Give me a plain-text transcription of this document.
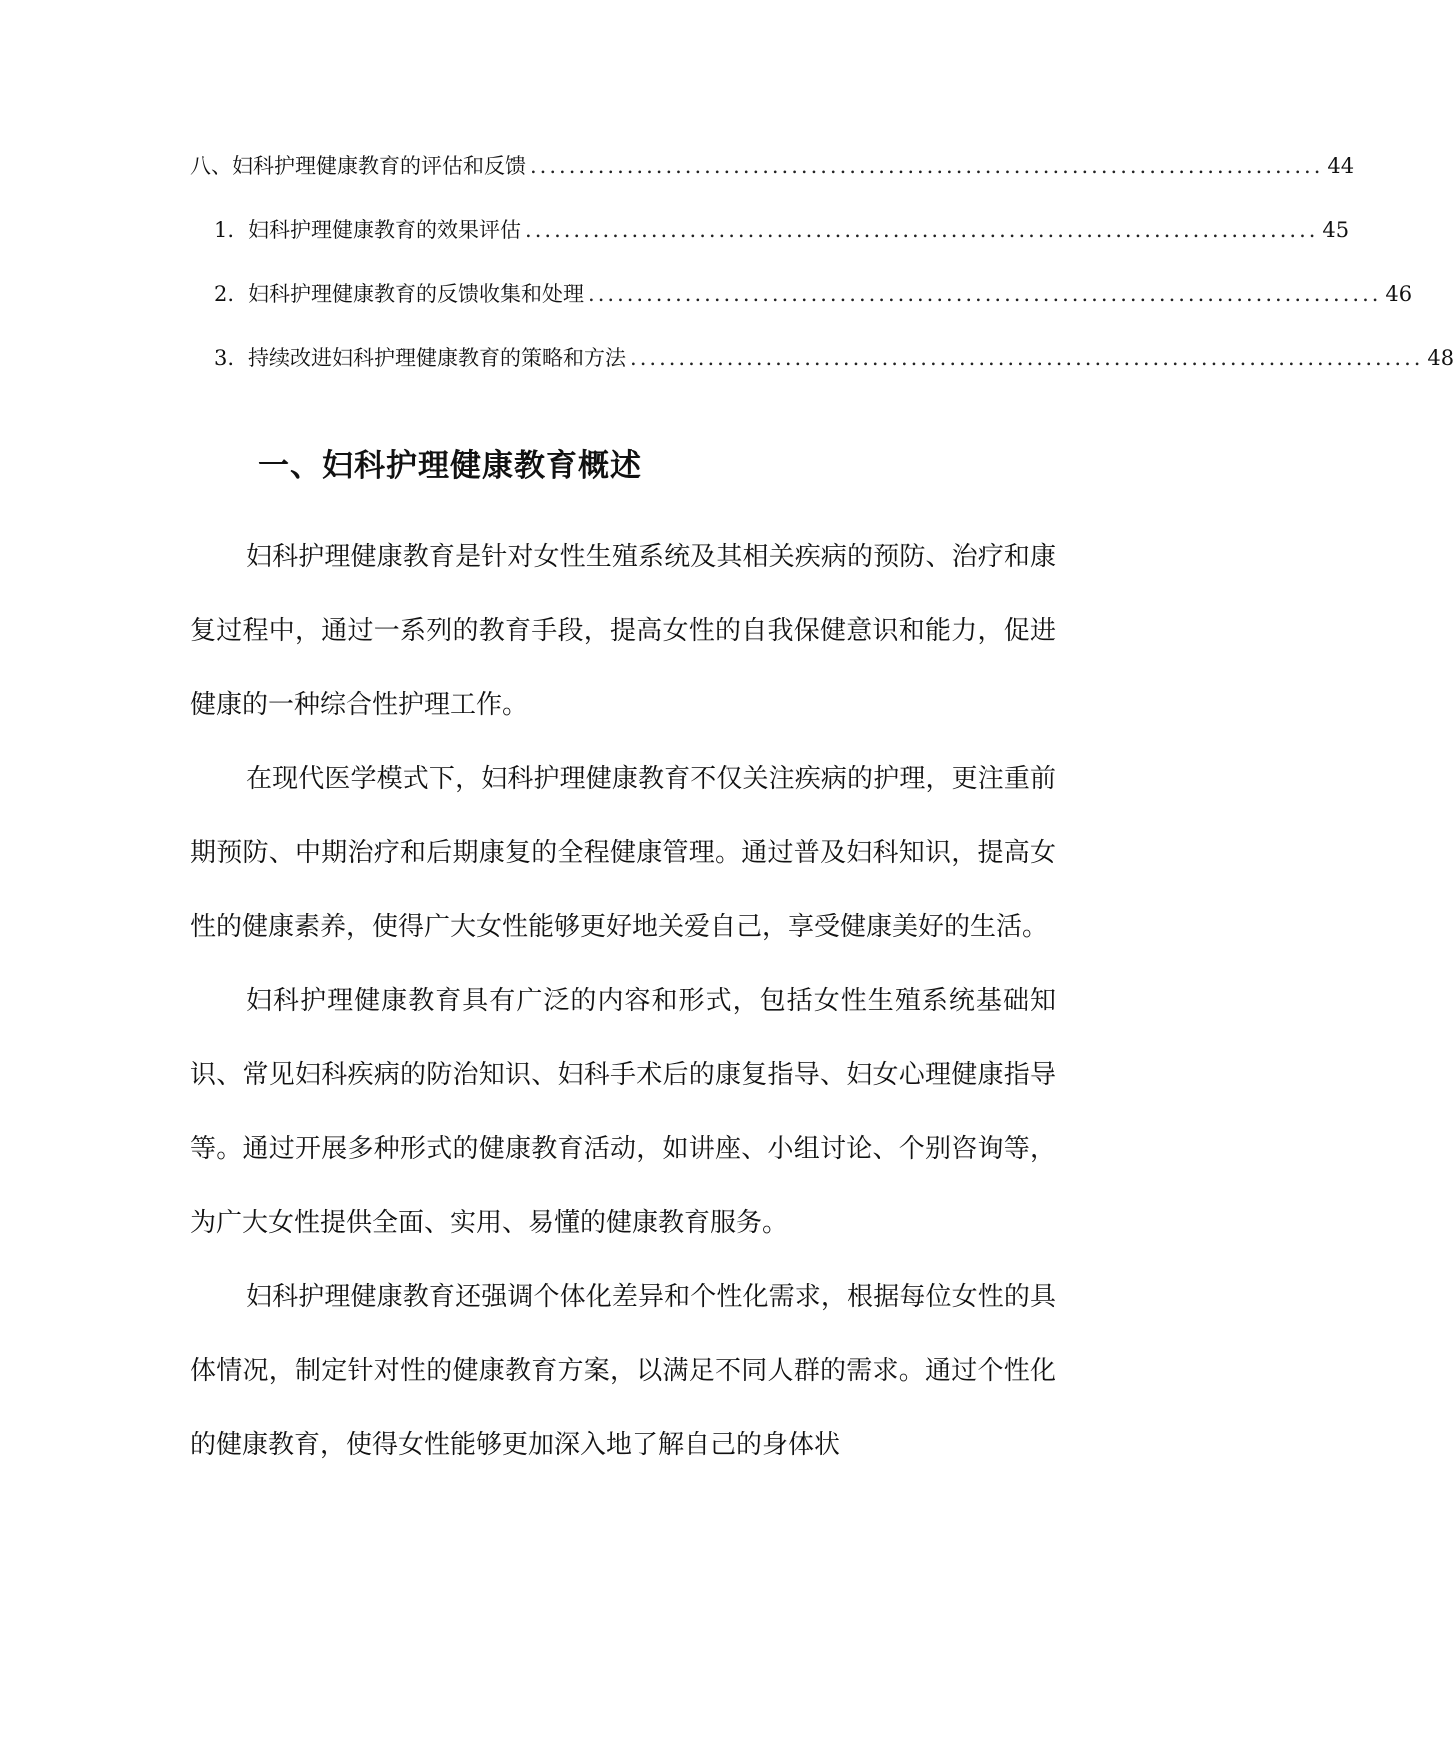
八、妇科护理健康教育的评估和反馈 .................................................................................. 44
1. 妇科护理健康教育的效果评估 .................................................................................. 45
2. 妇科护理健康教育的反馈收集和处理 .................................................................................. 46
3. 持续改进妇科护理健康教育的策略和方法 .................................................................................. 48
一、妇科护理健康教育概述

妇科护理健康教育是针对女性生殖系统及其相关疾病的预防、治疗和康复过程中，通过一系列的教育手段，提高女性的自我保健意识和能力，促进健康的一种综合性护理工作。

在现代医学模式下，妇科护理健康教育不仅关注疾病的护理，更注重前期预防、中期治疗和后期康复的全程健康管理。通过普及妇科知识，提高女性的健康素养，使得广大女性能够更好地关爱自己，享受健康美好的生活。

妇科护理健康教育具有广泛的内容和形式，包括女性生殖系统基础知识、常见妇科疾病的防治知识、妇科手术后的康复指导、妇女心理健康指导等。通过开展多种形式的健康教育活动，如讲座、小组讨论、个别咨询等，为广大女性提供全面、实用、易懂的健康教育服务。

妇科护理健康教育还强调个体化差异和个性化需求，根据每位女性的具体情况，制定针对性的健康教育方案，以满足不同人群的需求。通过个性化的健康教育，使得女性能够更加深入地了解自己的身体状
